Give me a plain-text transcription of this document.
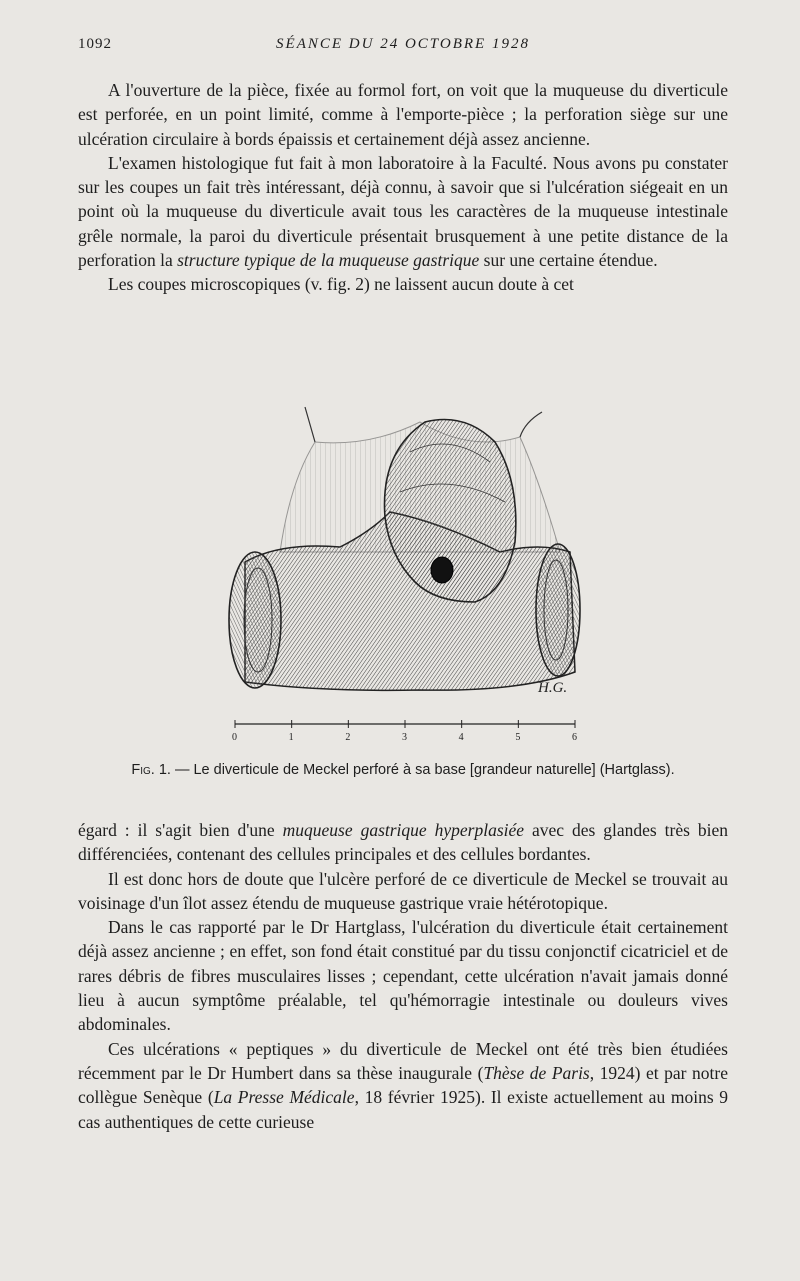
1092	SÉANCE DU 24 OCTOBRE 1928

A l'ouverture de la pièce, fixée au formol fort, on voit que la muqueuse du diverticule est perforée, en un point limité, comme à l'emporte-pièce ; la perforation siège sur une ulcération circulaire à bords épaissis et certainement déjà assez ancienne.

L'examen histologique fut fait à mon laboratoire à la Faculté. Nous avons pu constater sur les coupes un fait très intéressant, déjà connu, à savoir que si l'ulcération siégeait en un point où la muqueuse du diverticule avait tous les caractères de la muqueuse intestinale grêle normale, la paroi du diverticule présentait brusquement à une petite distance de la perforation la structure typique de la muqueuse gastrique sur une certaine étendue.

Les coupes microscopiques (v. fig. 2) ne laissent aucun doute à cet

H.G.
0	1	2	3	4	5	6
Fig. 1. — Le diverticule de Meckel perforé à sa base [grandeur naturelle] (Hartglass).

égard : il s'agit bien d'une muqueuse gastrique hyperplasiée avec des glandes très bien différenciées, contenant des cellules principales et des cellules bordantes.

Il est donc hors de doute que l'ulcère perforé de ce diverticule de Meckel se trouvait au voisinage d'un îlot assez étendu de muqueuse gastrique vraie hétérotopique.

Dans le cas rapporté par le Dr Hartglass, l'ulcération du diverticule était certainement déjà assez ancienne ; en effet, son fond était constitué par du tissu conjonctif cicatriciel et de rares débris de fibres musculaires lisses ; cependant, cette ulcération n'avait jamais donné lieu à aucun symptôme préalable, tel qu'hémorragie intestinale ou douleurs vives abdominales.

Ces ulcérations « peptiques » du diverticule de Meckel ont été très bien étudiées récemment par le Dr Humbert dans sa thèse inaugurale (Thèse de Paris, 1924) et par notre collègue Senèque (La Presse Médicale, 18 février 1925). Il existe actuellement au moins 9 cas authentiques de cette curieuse
